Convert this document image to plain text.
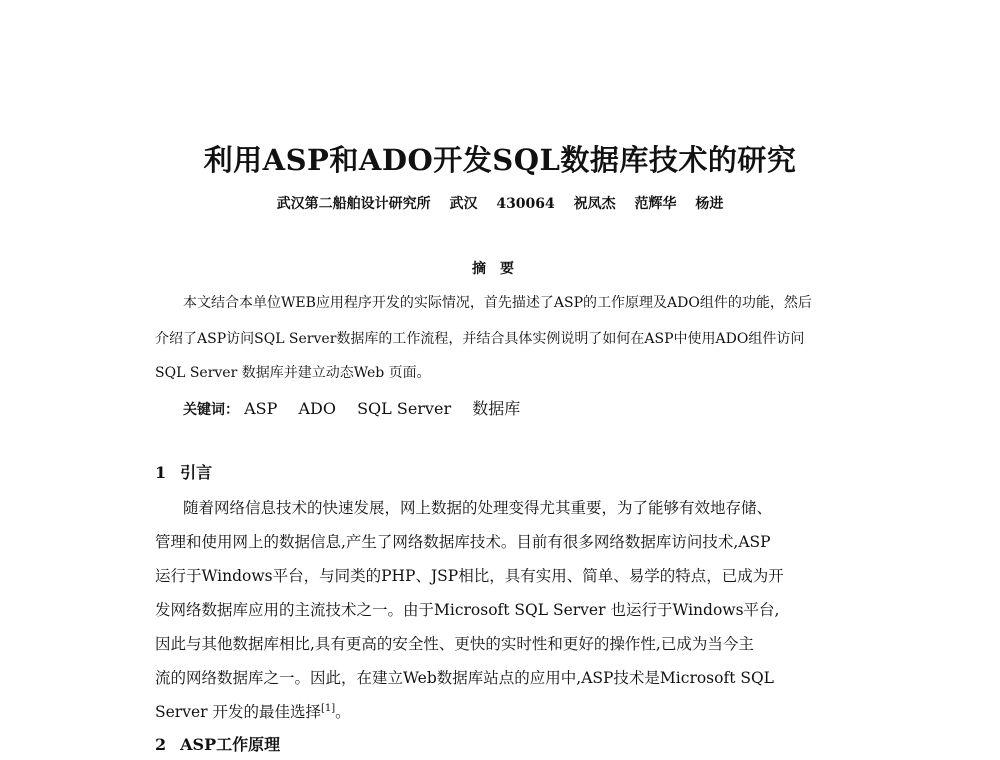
利用ASP和ADO开发SQL数据库技术的研究
武汉第二船舶设计研究所 武汉 430064 祝凤杰 范辉华 杨进
摘要

本文结合本单位WEB应用程序开发的实际情况，首先描述了ASP的工作原理及ADO组件的功能，然后

介绍了ASP访问SQL Server数据库的工作流程，并结合具体实例说明了如何在ASP中使用ADO组件访问

SQL Server 数据库并建立动态Web 页面。

关键词： ASP ADO SQL Server 数据库

1 引言

随着网络信息技术的快速发展，网上数据的处理变得尤其重要，为了能够有效地存储、

管理和使用网上的数据信息,产生了网络数据库技术。目前有很多网络数据库访问技术,ASP

运行于Windows平台，与同类的PHP、JSP相比，具有实用、简单、易学的特点，已成为开

发网络数据库应用的主流技术之一。由于Microsoft SQL Server 也运行于Windows平台,

因此与其他数据库相比,具有更高的安全性、更快的实时性和更好的操作性,已成为当今主

流的网络数据库之一。因此，在建立Web数据库站点的应用中,ASP技术是Microsoft SQL

Server 开发的最佳选择[1]。

2 ASP工作原理
